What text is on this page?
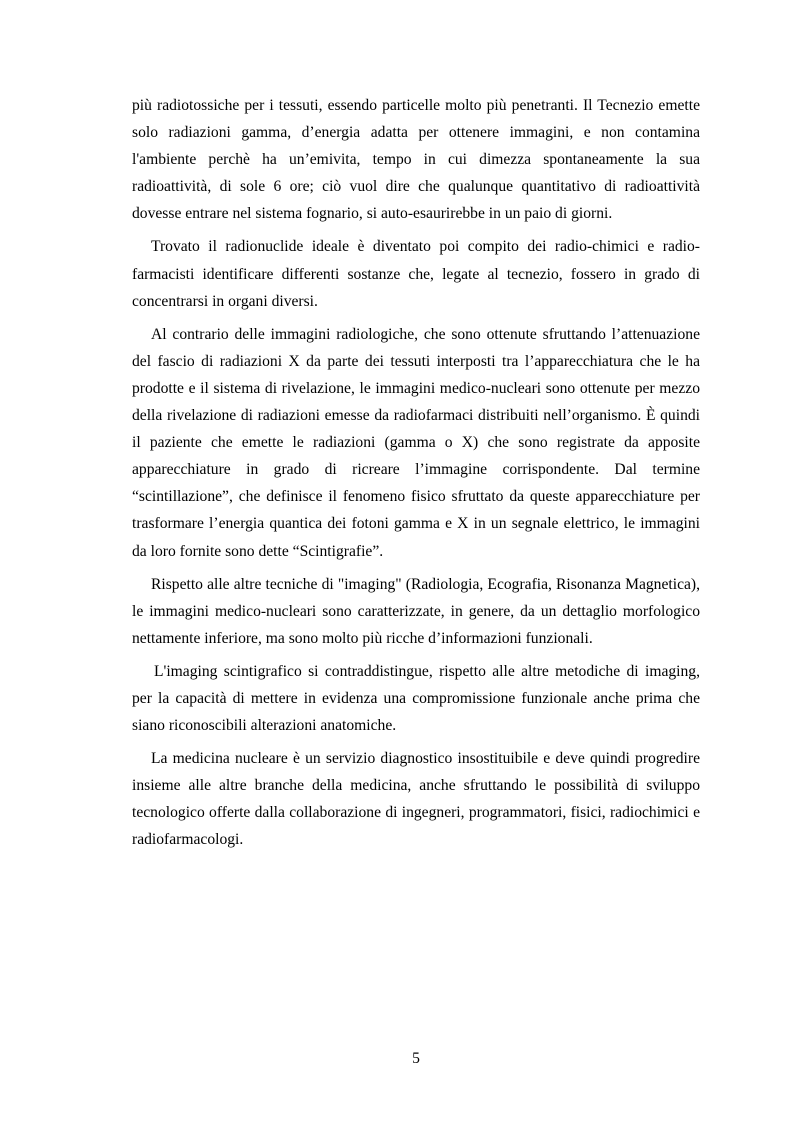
più radiotossiche per i tessuti, essendo particelle molto più penetranti. Il Tecnezio emette solo radiazioni gamma, d’energia adatta per ottenere immagini, e non contamina l'ambiente perchè ha un’emivita, tempo in cui dimezza spontaneamente la sua radioattività, di sole 6 ore; ciò vuol dire che qualunque quantitativo di radioattività dovesse entrare nel sistema fognario, si auto-esaurirebbe in un paio di giorni.

Trovato il radionuclide ideale è diventato poi compito dei radio-chimici e radio-farmacisti identificare differenti sostanze che, legate al tecnezio, fossero in grado di concentrarsi in organi diversi.

Al contrario delle immagini radiologiche, che sono ottenute sfruttando l’attenuazione del fascio di radiazioni X da parte dei tessuti interposti tra l’apparecchiatura che le ha prodotte e il sistema di rivelazione, le immagini medico-nucleari sono ottenute per mezzo della rivelazione di radiazioni emesse da radiofarmaci distribuiti nell’organismo. È quindi il paziente che emette le radiazioni (gamma o X) che sono registrate da apposite apparecchiature in grado di ricreare l’immagine corrispondente. Dal termine “scintillazione”, che definisce il fenomeno fisico sfruttato da queste apparecchiature per trasformare l’energia quantica dei fotoni gamma e X in un segnale elettrico, le immagini da loro fornite sono dette “Scintigrafie”.

Rispetto alle altre tecniche di "imaging" (Radiologia, Ecografia, Risonanza Magnetica), le immagini medico-nucleari sono caratterizzate, in genere, da un dettaglio morfologico nettamente inferiore, ma sono molto più ricche d’informazioni funzionali.

L'imaging scintigrafico si contraddistingue, rispetto alle altre metodiche di imaging, per la capacità di mettere in evidenza una compromissione funzionale anche prima che siano riconoscibili alterazioni anatomiche.

La medicina nucleare è un servizio diagnostico insostituibile e deve quindi progredire insieme alle altre branche della medicina, anche sfruttando le possibilità di sviluppo tecnologico offerte dalla collaborazione di ingegneri, programmatori, fisici, radiochimici e radiofarmacologi.

5
